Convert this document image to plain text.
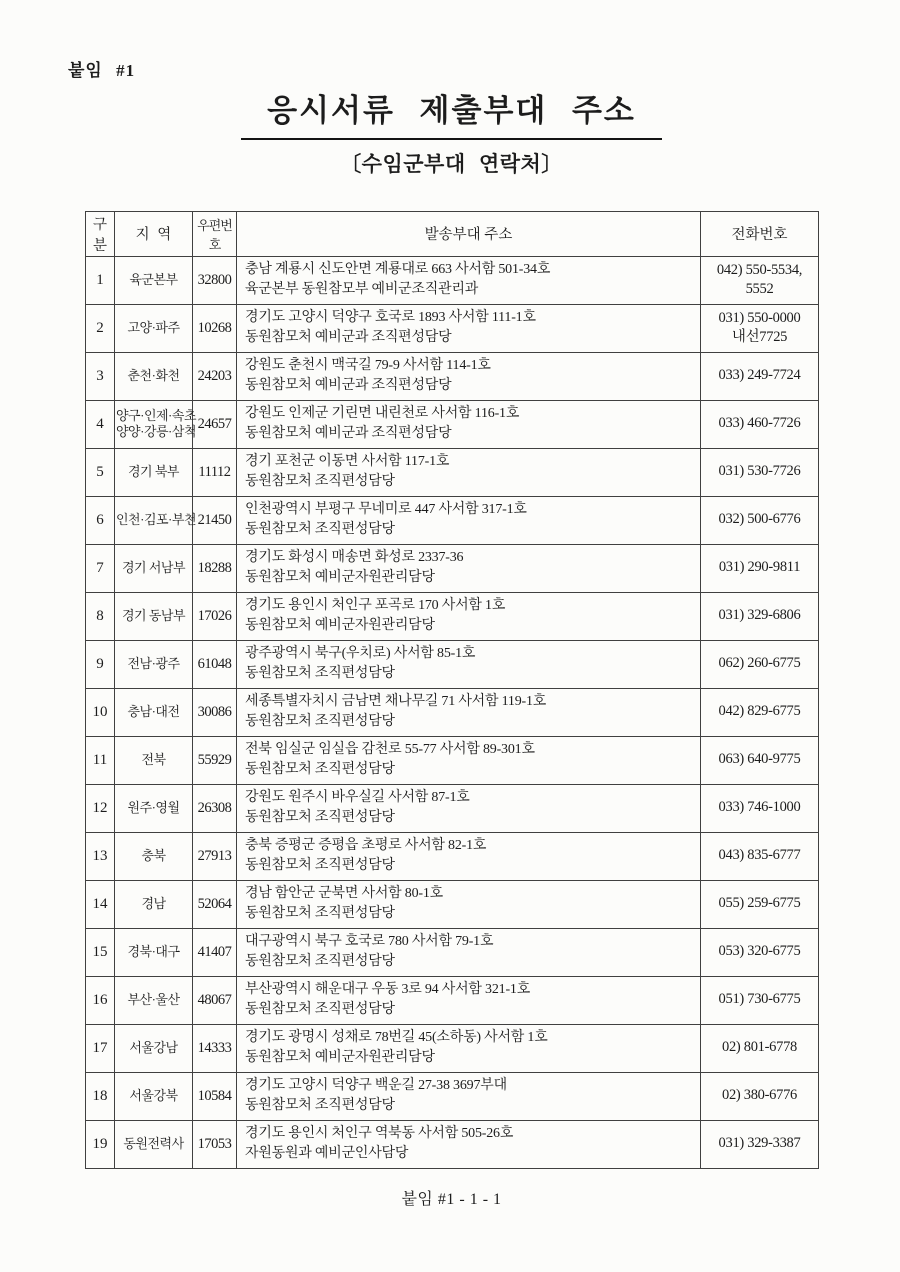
붙임 #1
응시서류 제출부대 주소
〔수임군부대 연락처〕
구분	지 역	우편번호	발송부대 주소	전화번호
1	육군본부	32800	충남 계룡시 신도안면 계룡대로 663 사서함 501-34호
육군본부 동원참모부 예비군조직관리과	042) 550-5534,
5552
2	고양·파주	10268	경기도 고양시 덕양구 호국로 1893 사서함 111-1호
동원참모처 예비군과 조직편성담당	031) 550-0000
내선7725
3	춘천·화천	24203	강원도 춘천시 맥국길 79-9 사서함 114-1호
동원참모처 예비군과 조직편성담당	033) 249-7724
4	양구·인제·속초
양양·강릉·삼척	24657	강원도 인제군 기린면 내린천로 사서함 116-1호
동원참모처 예비군과 조직편성담당	033) 460-7726
5	경기 북부	11112	경기 포천군 이동면 사서함 117-1호
동원참모처 조직편성담당	031) 530-7726
6	인천·김포·부천	21450	인천광역시 부평구 무네미로 447 사서함 317-1호
동원참모처 조직편성담당	032) 500-6776
7	경기 서남부	18288	경기도 화성시 매송면 화성로 2337-36
동원참모처 예비군자원관리담당	031) 290-9811
8	경기 동남부	17026	경기도 용인시 처인구 포곡로 170 사서함 1호
동원참모처 예비군자원관리담당	031) 329-6806
9	전남·광주	61048	광주광역시 북구(우치로) 사서함 85-1호
동원참모처 조직편성담당	062) 260-6775
10	충남·대전	30086	세종특별자치시 금남면 채나무길 71 사서함 119-1호
동원참모처 조직편성담당	042) 829-6775
11	전북	55929	전북 임실군 임실읍 감천로 55-77 사서함 89-301호
동원참모처 조직편성담당	063) 640-9775
12	원주·영월	26308	강원도 원주시 바우실길 사서함 87-1호
동원참모처 조직편성담당	033) 746-1000
13	충북	27913	충북 증평군 증평읍 초평로 사서함 82-1호
동원참모처 조직편성담당	043) 835-6777
14	경남	52064	경남 함안군 군북면 사서함 80-1호
동원참모처 조직편성담당	055) 259-6775
15	경북·대구	41407	대구광역시 북구 호국로 780 사서함 79-1호
동원참모처 조직편성담당	053) 320-6775
16	부산·울산	48067	부산광역시 해운대구 우동 3로 94 사서함 321-1호
동원참모처 조직편성담당	051) 730-6775
17	서울강남	14333	경기도 광명시 성채로 78번길 45(소하동) 사서함 1호
동원참모처 예비군자원관리담당	02) 801-6778
18	서울강북	10584	경기도 고양시 덕양구 백운길 27-38 3697부대
동원참모처 조직편성담당	02) 380-6776
19	동원전력사	17053	경기도 용인시 처인구 역북동 사서함 505-26호
자원동원과 예비군인사담당	031) 329-3387
붙임 #1 - 1 - 1
